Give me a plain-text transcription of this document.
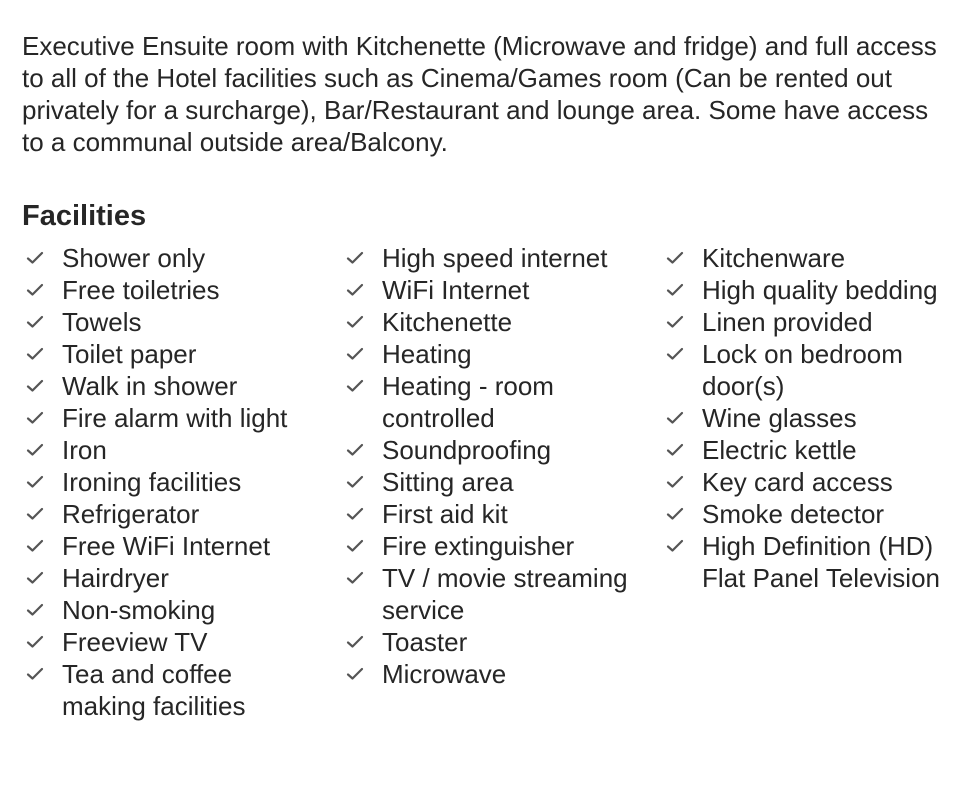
Executive Ensuite room with Kitchenette (Microwave and fridge) and full access to all of the Hotel facilities such as Cinema/Games room (Can be rented out privately for a surcharge), Bar/Restaurant and lounge area. Some have access to a communal outside area/Balcony.

Facilities
Shower only
Free toiletries
Towels
Toilet paper
Walk in shower
Fire alarm with light
Iron
Ironing facilities
Refrigerator
Free WiFi Internet
Hairdryer
Non-smoking
Freeview TV
Tea and coffee making facilities
High speed internet
WiFi Internet
Kitchenette
Heating
Heating - room controlled
Soundproofing
Sitting area
First aid kit
Fire extinguisher
TV / movie streaming service
Toaster
Microwave
Kitchenware
High quality bedding
Linen provided
Lock on bedroom door(s)
Wine glasses
Electric kettle
Key card access
Smoke detector
High Definition (HD) Flat Panel Television
